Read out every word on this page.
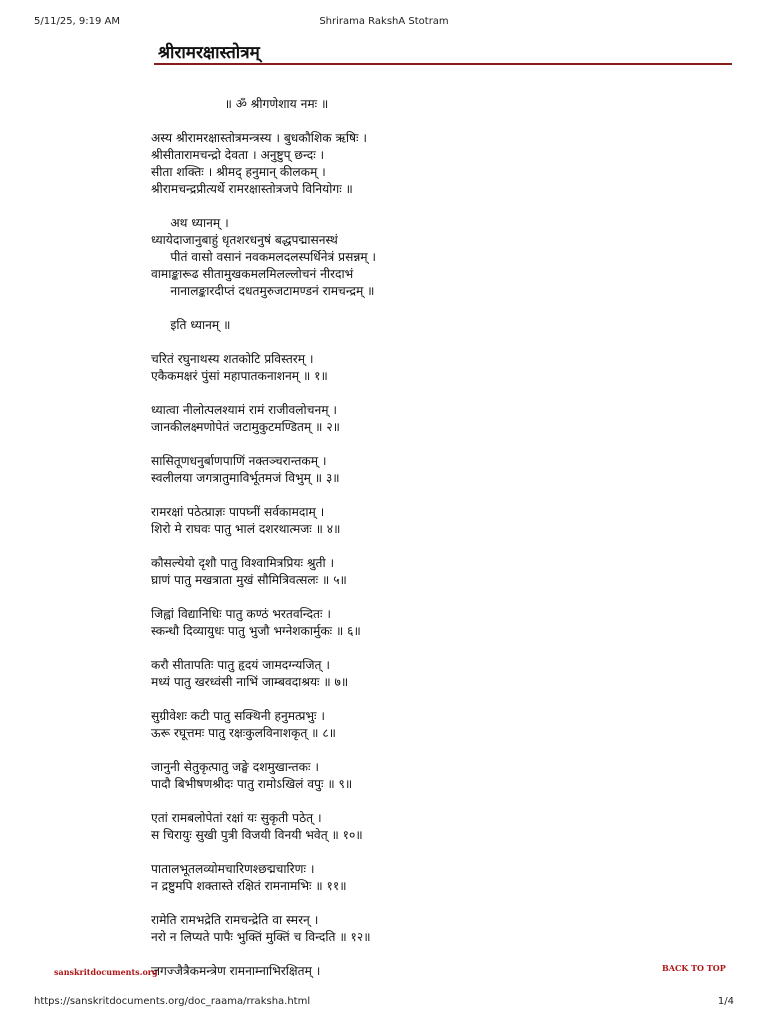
5/11/25, 9:19 AM	Shrirama RakshA Stotram
श्रीरामरक्षास्तोत्रम्
॥ ॐ श्रीगणेशाय नमः ॥
अस्य श्रीरामरक्षास्तोत्रमन्त्रस्य । बुधकौशिक ऋषिः ।
श्रीसीतारामचन्द्रो देवता । अनुष्टुप् छन्दः ।
सीता शक्तिः । श्रीमद् हनुमान् कीलकम् ।
श्रीरामचन्द्रप्रीत्यर्थे रामरक्षास्तोत्रजपे विनियोगः ॥
अथ ध्यानम् ।
ध्यायेदाजानुबाहुं धृतशरधनुषं बद्धपद्मासनस्थं
पीतं वासो वसानं नवकमलदलस्पर्धिनेत्रं प्रसन्नम् ।
वामाङ्कारूढ सीतामुखकमलमिलल्लोचनं नीरदाभं
नानालङ्कारदीप्तं दधतमुरुजटामण्डनं रामचन्द्रम् ॥
इति ध्यानम् ॥
चरितं रघुनाथस्य शतकोटि प्रविस्तरम् ।
एकैकमक्षरं पुंसां महापातकनाशनम् ॥ १॥
ध्यात्वा नीलोत्पलश्यामं रामं राजीवलोचनम् ।
जानकीलक्ष्मणोपेतं जटामुकुटमण्डितम् ॥ २॥
सासितूणधनुर्बाणपाणिं नक्तञ्चरान्तकम् ।
स्वलीलया जगत्रातुमाविर्भूतमजं विभुम् ॥ ३॥
रामरक्षां पठेत्प्राज्ञः पापघ्नीं सर्वकामदाम् ।
शिरो मे राघवः पातु भालं दशरथात्मजः ॥ ४॥
कौसल्येयो दृशौ पातु विश्वामित्रप्रियः श्रुती ।
घ्राणं पातु मखत्राता मुखं सौमित्रिवत्सलः ॥ ५॥
जिह्वां विद्यानिधिः पातु कण्ठं भरतवन्दितः ।
स्कन्धौ दिव्यायुधः पातु भुजौ भग्नेशकार्मुकः ॥ ६॥
करौ सीतापतिः पातु हृदयं जामदग्न्यजित् ।
मध्यं पातु खरध्वंसी नाभिं जाम्बवदाश्रयः ॥ ७॥
सुग्रीवेशः कटी पातु सक्थिनी हनुमत्प्रभुः ।
ऊरू रघूत्तमः पातु रक्षःकुलविनाशकृत् ॥ ८॥
जानुनी सेतुकृत्पातु जङ्घे दशमुखान्तकः ।
पादौ बिभीषणश्रीदः पातु रामोऽखिलं वपुः ॥ ९॥
एतां रामबलोपेतां रक्षां यः सुकृती पठेत् ।
स चिरायुः सुखी पुत्री विजयी विनयी भवेत् ॥ १०॥
पातालभूतलव्योमचारिणश्छद्मचारिणः ।
न द्रष्टुमपि शक्तास्ते रक्षितं रामनामभिः ॥ ११॥
रामेति रामभद्रेति रामचन्द्रेति वा स्मरन् ।
नरो न लिप्यते पापैः भुक्तिं मुक्तिं च विन्दति ॥ १२॥
जगज्जैत्रैकमन्त्रेण रामनाम्नाभिरक्षितम् ।
sanskritdocuments.org	BACK TO TOP
https://sanskritdocuments.org/doc_raama/rraksha.html	1/4
